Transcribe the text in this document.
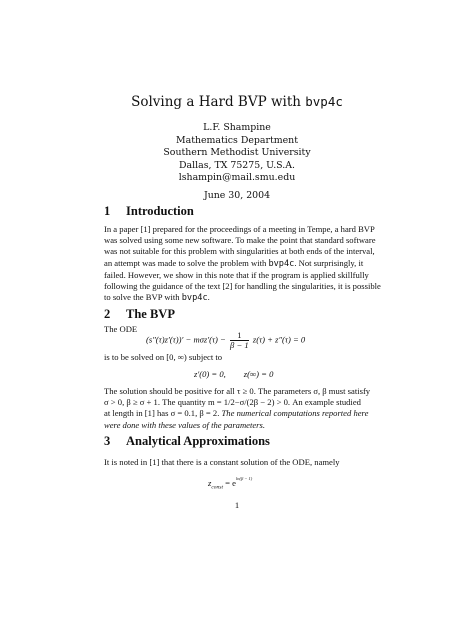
Solving a Hard BVP with bvp4c
L.F. Shampine
Mathematics Department
Southern Methodist University
Dallas, TX 75275, U.S.A.
lshampin@mail.smu.edu
June 30, 2004
1 Introduction
In a paper [1] prepared for the proceedings of a meeting in Tempe, a hard BVP
was solved using some new software. To make the point that standard software
was not suitable for this problem with singularities at both ends of the interval,
an attempt was made to solve the problem with bvp4c. Not surprisingly, it
failed. However, we show in this note that if the program is applied skillfully
following the guidance of the text [2] for handling the singularities, it is possible
to solve the BVP with bvp4c.
2 The BVP
The ODE
$(s''(\tau)z'(\tau))' - m\sigma z'(\tau) - \frac{1}{\beta - 1} z(\tau) + z''(\tau) = 0$
is to be solved on [0, ∞) subject to
z′(0) = 0, z(∞) = 0
The solution should be positive for all τ ≥ 0. The parameters σ, β must satisfy
σ > 0, β ≥ σ + 1. The quantity m = 1/2−σ/(2β − 2) > 0. An example studied
at length in [1] has σ = 0.1, β = 2. The numerical computations reported here
were done with these values of the parameters.
3 Analytical Approximations
It is noted in [1] that there is a constant solution of the ODE, namely
$z_{const} = e^{ln(\beta - 1)}$
1
